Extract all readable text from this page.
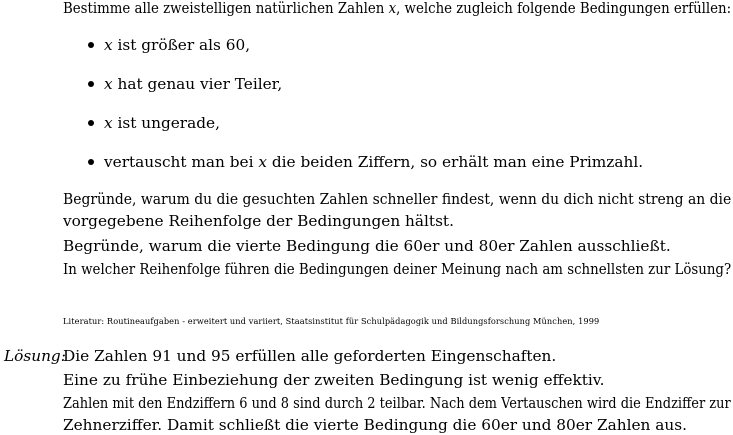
Bestimme alle zweistelligen natürlichen Zahlen x, welche zugleich folgende Bedingungen erfüllen:
x ist größer als 60,
x hat genau vier Teiler,
x ist ungerade,
vertauscht man bei x die beiden Ziffern, so erhält man eine Primzahl.
Begründe, warum du die gesuchten Zahlen schneller findest, wenn du dich nicht streng an die
vorgegebene Reihenfolge der Bedingungen hältst.
Begründe, warum die vierte Bedingung die 60er und 80er Zahlen ausschließt.
In welcher Reihenfolge führen die Bedingungen deiner Meinung nach am schnellsten zur Lösung?
Literatur: Routineaufgaben - erweitert und variiert, Staatsinstitut für Schulpädagogik und Bildungsforschung München, 1999
Lösung:
Die Zahlen 91 und 95 erfüllen alle geforderten Eingenschaften.
Eine zu frühe Einbeziehung der zweiten Bedingung ist wenig effektiv.
Zahlen mit den Endziffern 6 und 8 sind durch 2 teilbar. Nach dem Vertauschen wird die Endziffer zur
Zehnerziffer. Damit schließt die vierte Bedingung die 60er und 80er Zahlen aus.
